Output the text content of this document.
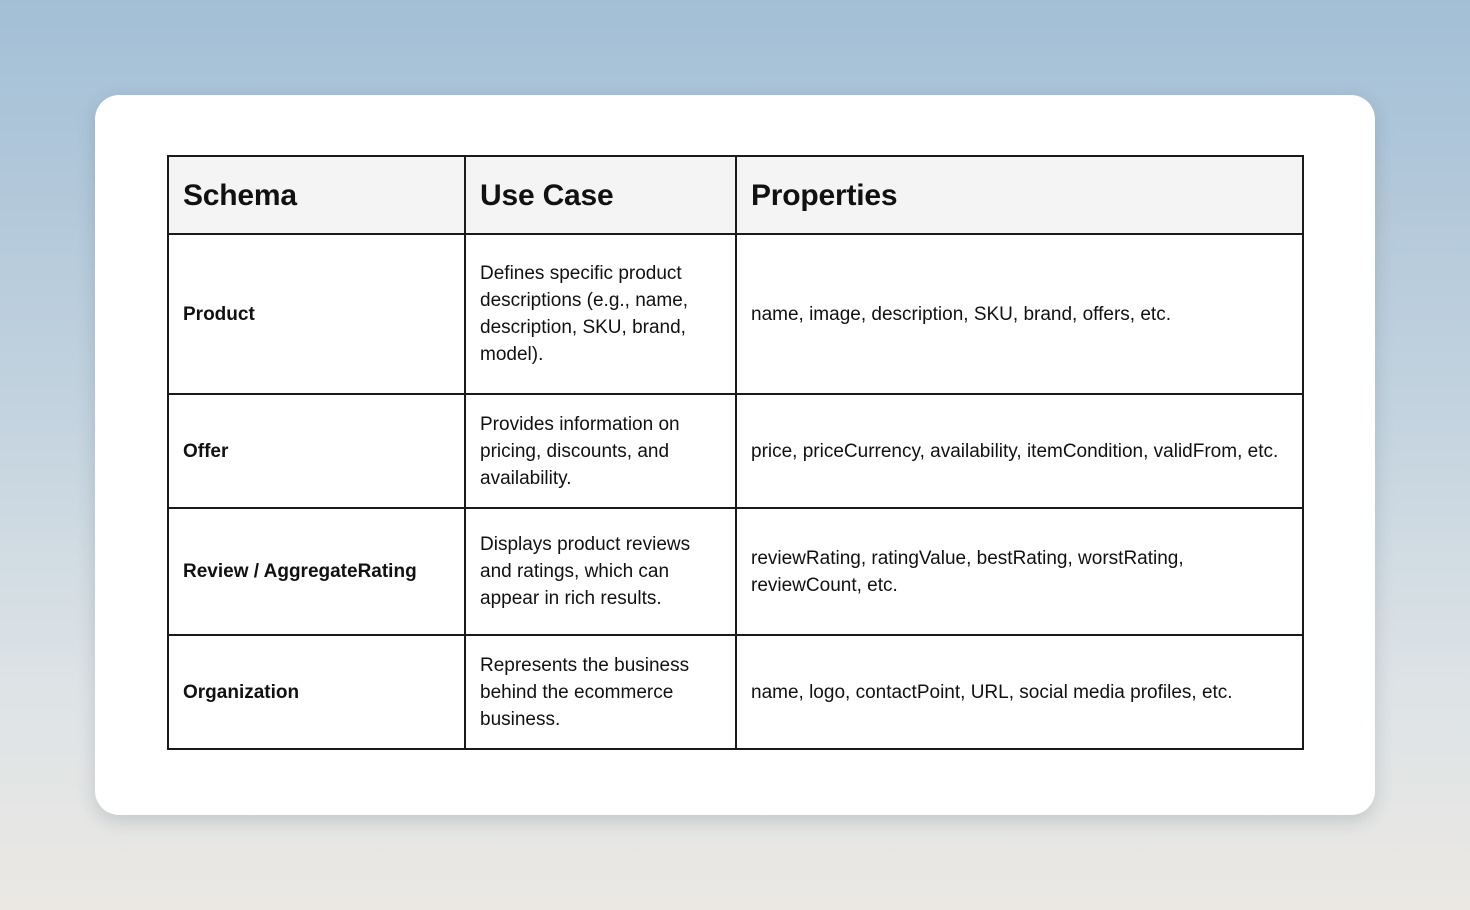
Schema	Use Case	Properties
Product	Defines specific product descriptions (e.g., name, description, SKU, brand, model).	name, image, description, SKU, brand, offers, etc.
Offer	Provides information on pricing, discounts, and availability.	price, priceCurrency, availability, itemCondition, validFrom, etc.
Review / AggregateRating	Displays product reviews and ratings, which can appear in rich results.	reviewRating, ratingValue, bestRating, worstRating, reviewCount, etc.
Organization	Represents the business behind the ecommerce business.	name, logo, contactPoint, URL, social media profiles, etc.
